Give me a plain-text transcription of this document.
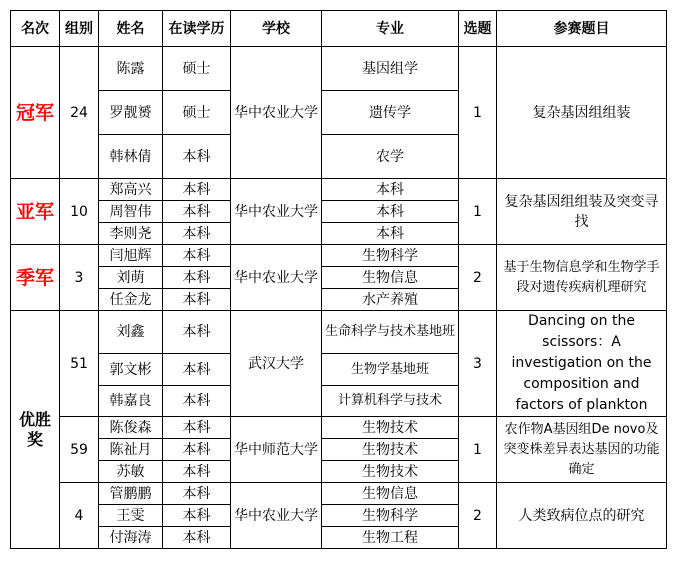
名次	组别	姓名	在读学历	学校	专业	选题	参赛题目
冠军	24	陈露	硕士	华中农业大学	基因组学	1	复杂基因组组装
		罗靓赟	硕士		遗传学		
		韩林倩	本科		农学		
亚军	10	郑高兴	本科	华中农业大学	本科	1	复杂基因组组装及突变寻找
		周智伟	本科		本科		
		李则尧	本科		本科		
季军	3	闫旭辉	本科	华中农业大学	生物科学	2	基于生物信息学和生物学手段对遗传疾病机理研究
		刘萌	本科		生物信息		
		任金龙	本科		水产养殖		
优胜奖	51	刘鑫	本科	武汉大学	生命科学与技术基地班	3	Dancing on the scissors：A investigation on the composition and factors of plankton
		郭文彬	本科		生物学基地班		
		韩嘉良	本科		计算机科学与技术		
	59	陈俊森	本科	华中师范大学	生物技术	1	农作物A基因组De novo及突变株差异表达基因的功能确定
		陈祉月	本科		生物技术		
		苏敏	本科		生物技术		
	4	管鹏鹏	本科	华中农业大学	生物信息	2	人类致病位点的研究
		王雯	本科		生物科学		
		付海涛	本科		生物工程		
